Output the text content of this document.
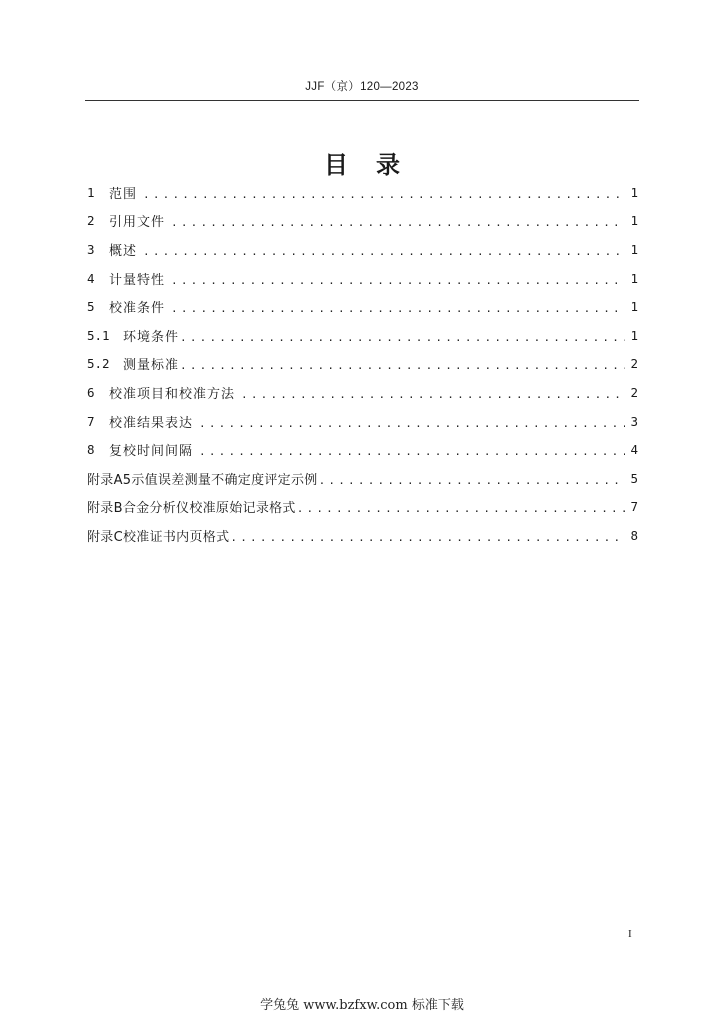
JJF（京）120—2023
目 录
1	范围 .....	1
2	引用文件 .....	1
3	概述 .....	1
4	计量特性 .....	1
5	校准条件 .....	1
5.1	环境条件 .....	1
5.2	测量标准 .....	2
6	校准项目和校准方法 .....	2
7	校准结果表达 .....	3
8	复校时间间隔 .....	4
附录A5示值误差测量不确定度评定示例 .....	5
附录B合金分析仪校准原始记录格式 .....	7
附录C校准证书内页格式 .....	8
I
学兔兔 www.bzfxw.com 标准下载
